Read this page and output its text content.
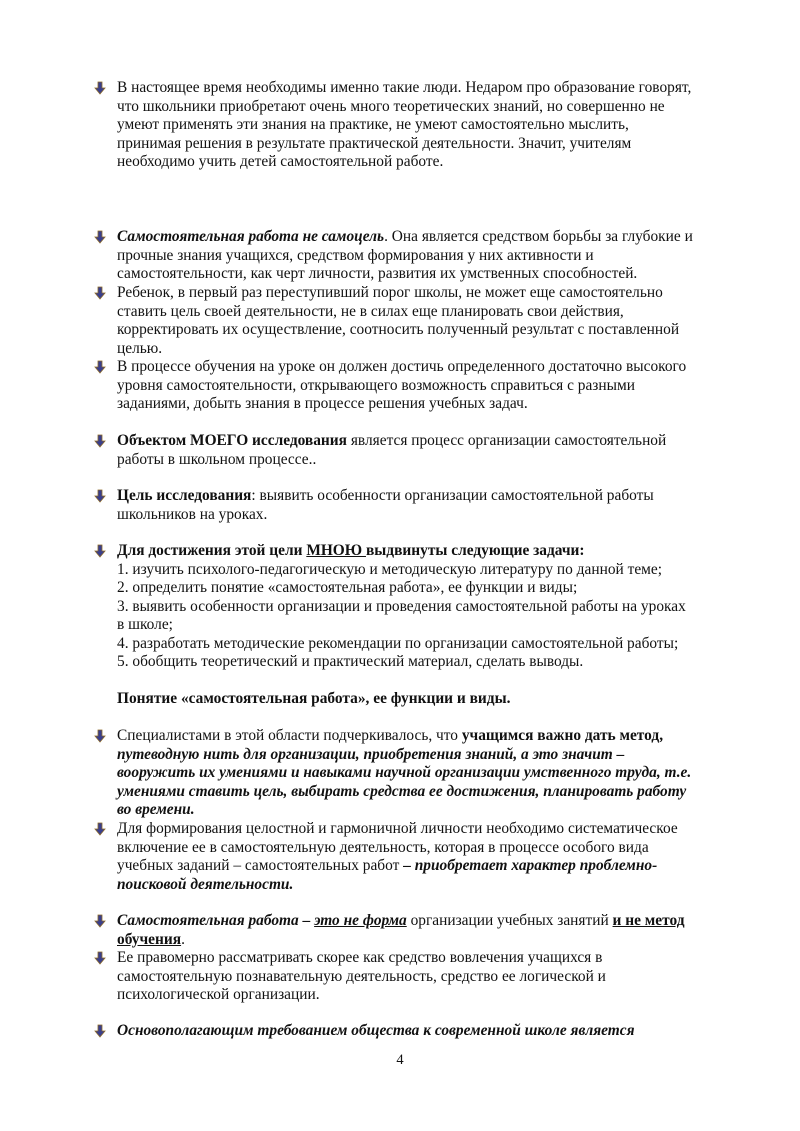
В настоящее время необходимы именно такие люди. Недаром про образование говорят,
что школьники приобретают очень много теоретических знаний, но совершенно не
умеют применять эти знания на практике, не умеют самостоятельно мыслить,
принимая решения в результате практической деятельности. Значит, учителям
необходимо учить детей самостоятельной работе.
Самостоятельная работа не самоцель. Она является средством борьбы за глубокие и
прочные знания учащихся, средством формирования у них активности и
самостоятельности, как черт личности, развития их умственных способностей.
Ребенок, в первый раз переступивший порог школы, не может еще самостоятельно
ставить цель своей деятельности, не в силах еще планировать свои действия,
корректировать их осуществление, соотносить полученный результат с поставленной
целью.
В процессе обучения на уроке он должен достичь определенного достаточно высокого
уровня самостоятельности, открывающего возможность справиться с разными
заданиями, добыть знания в процессе решения учебных задач.
Объектом МОЕГО исследования является процесс организации самостоятельной
работы в школьном процессе..
Цель исследования: выявить особенности организации самостоятельной работы
школьников на уроках.
Для достижения этой цели МНОЮ выдвинуты следующие задачи:
1. изучить психолого-педагогическую и методическую литературу по данной теме;
2. определить понятие «самостоятельная работа», ее функции и виды;
3. выявить особенности организации и проведения самостоятельной работы на уроках
в школе;
4. разработать методические рекомендации по организации самостоятельной работы;
5. обобщить теоретический и практический материал, сделать выводы.
Понятие «самостоятельная работа», ее функции и виды.
Специалистами в этой области подчеркивалось, что учащимся важно дать метод,
путеводную нить для организации, приобретения знаний, а это значит –
вооружить их умениями и навыками научной организации умственного труда, т.е.
умениями ставить цель, выбирать средства ее достижения, планировать работу
во времени.
Для формирования целостной и гармоничной личности необходимо систематическое
включение ее в самостоятельную деятельность, которая в процессе особого вида
учебных заданий – самостоятельных работ – приобретает характер проблемно-
поисковой деятельности.
Самостоятельная работа – это не форма организации учебных занятий и не метод
обучения.
Ее правомерно рассматривать скорее как средство вовлечения учащихся в
самостоятельную познавательную деятельность, средство ее логической и
психологической организации.
Основополагающим требованием общества к современной школе является
4
